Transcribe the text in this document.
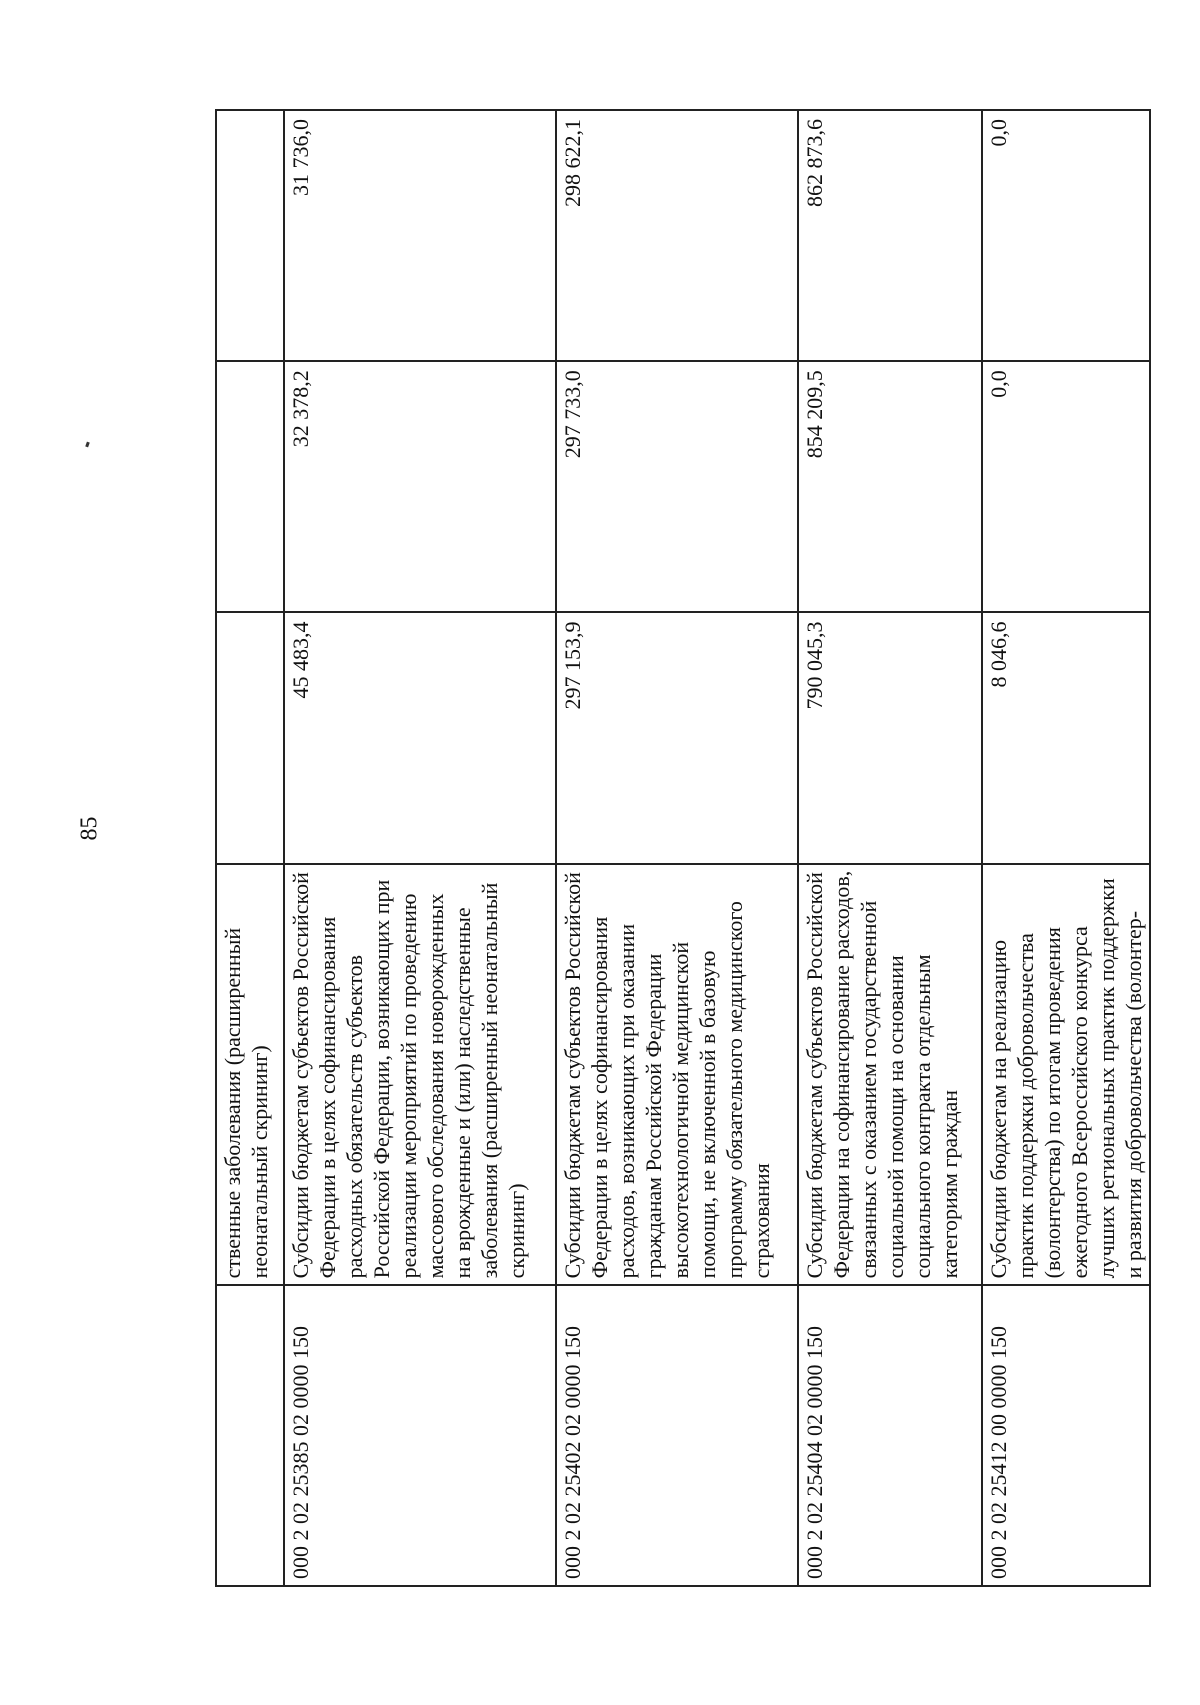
85
	ственные заболевания (расширенный неонатальный скрининг)			
000 2 02 25385 02 0000 150	Субсидии бюджетам субъектов Российской Федерации в целях софинансирования расходных обязательств субъектов Российской Федерации, возникающих при реализации мероприятий по проведению массового обследования новорожденных на врожденные и (или) наследственные заболевания (расширенный неонатальный скрининг)	45 483,4	32 378,2	31 736,0
000 2 02 25402 02 0000 150	Субсидии бюджетам субъектов Российской Федерации в целях софинансирования расходов, возникающих при оказании гражданам Российской Федерации высокотехнологичной медицинской помощи, не включенной в базовую программу обязательного медицинского страхования	297 153,9	297 733,0	298 622,1
000 2 02 25404 02 0000 150	Субсидии бюджетам субъектов Российской Федерации на софинансирование расходов, связанных с оказанием государственной социальной помощи на основании социального контракта отдельным категориям граждан	790 045,3	854 209,5	862 873,6
000 2 02 25412 00 0000 150	Субсидии бюджетам на реализацию практик поддержки добровольчества (волонтерства) по итогам проведения ежегодного Всероссийского конкурса лучших региональных практик поддержки и развития добровольчества (волонтер-	8 046,6	0,0	0,0
